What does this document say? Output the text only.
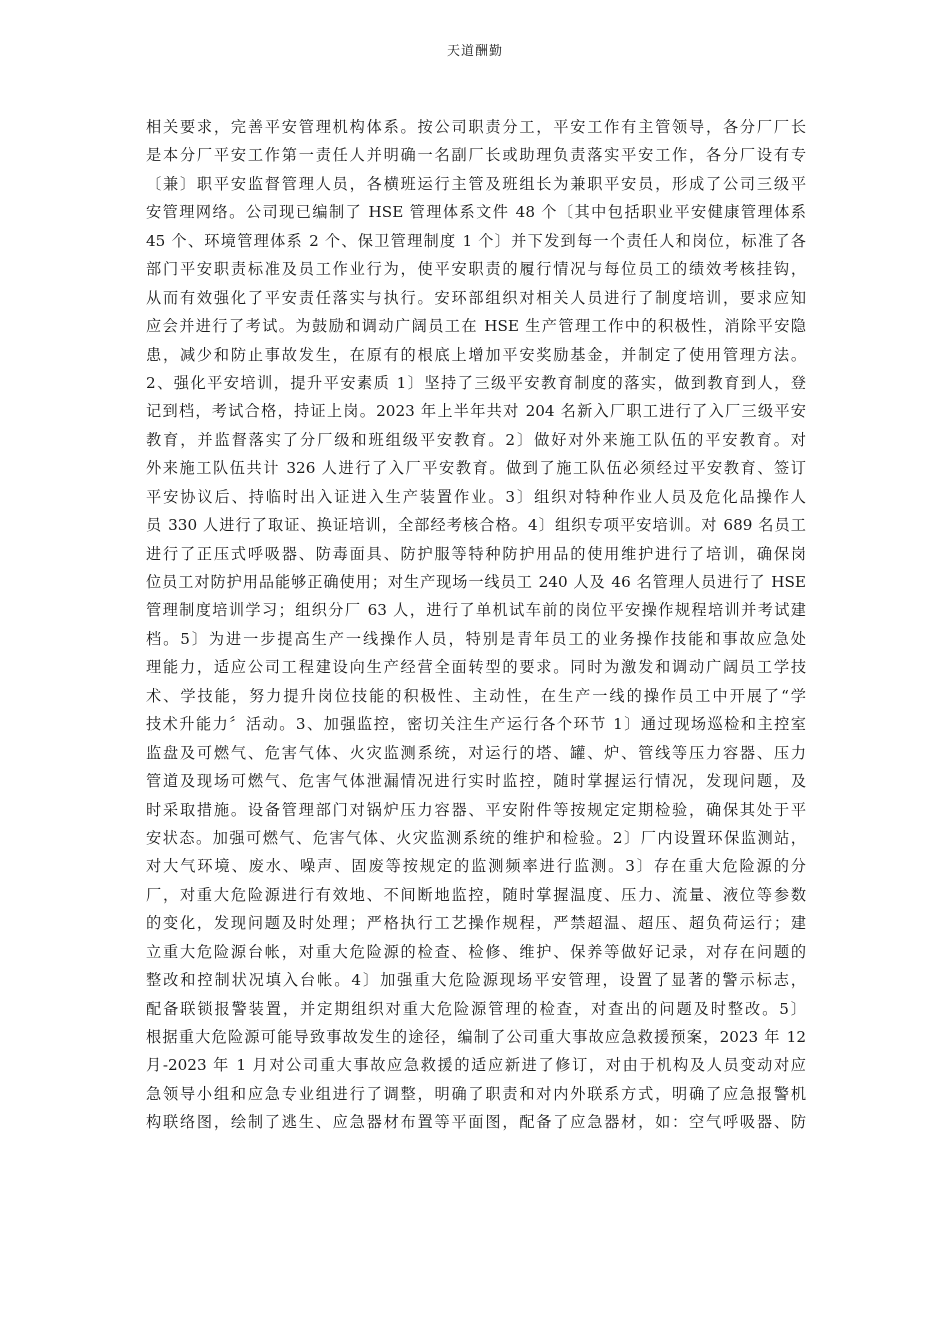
天道酬勤
相关要求，完善平安管理机构体系。按公司职责分工，平安工作有主管领导，各分厂厂长
是本分厂平安工作第一责任人并明确一名副厂长或助理负责落实平安工作，各分厂设有专
〔兼〕职平安监督管理人员，各横班运行主管及班组长为兼职平安员，形成了公司三级平
安管理网络。公司现已编制了 HSE 管理体系文件 48 个〔其中包括职业平安健康管理体系
45 个、环境管理体系 2 个、保卫管理制度 1 个〕并下发到每一个责任人和岗位，标准了各
部门平安职责标准及员工作业行为，使平安职责的履行情况与每位员工的绩效考核挂钩，
从而有效强化了平安责任落实与执行。安环部组织对相关人员进行了制度培训，要求应知
应会并进行了考试。为鼓励和调动广阔员工在 HSE 生产管理工作中的积极性，消除平安隐
患，减少和防止事故发生，在原有的根底上增加平安奖励基金，并制定了使用管理方法。
2、强化平安培训，提升平安素质 1〕坚持了三级平安教育制度的落实，做到教育到人，登
记到档，考试合格，持证上岗。2023 年上半年共对 204 名新入厂职工进行了入厂三级平安
教育，并监督落实了分厂级和班组级平安教育。2〕做好对外来施工队伍的平安教育。对
外来施工队伍共计 326 人进行了入厂平安教育。做到了施工队伍必须经过平安教育、签订
平安协议后、持临时出入证进入生产装置作业。3〕组织对特种作业人员及危化品操作人
员 330 人进行了取证、换证培训，全部经考核合格。4〕组织专项平安培训。对 689 名员工
进行了正压式呼吸器、防毒面具、防护服等特种防护用品的使用维护进行了培训，确保岗
位员工对防护用品能够正确使用；对生产现场一线员工 240 人及 46 名管理人员进行了 HSE
管理制度培训学习；组织分厂 63 人，进行了单机试车前的岗位平安操作规程培训并考试建
档。5〕为进一步提高生产一线操作人员，特别是青年员工的业务操作技能和事故应急处
理能力，适应公司工程建设向生产经营全面转型的要求。同时为激发和调动广阔员工学技
术、学技能，努力提升岗位技能的积极性、主动性，在生产一线的操作员工中开展了“学
技术升能力〞活动。3、加强监控，密切关注生产运行各个环节 1〕通过现场巡检和主控室
监盘及可燃气、危害气体、火灾监测系统，对运行的塔、罐、炉、管线等压力容器、压力
管道及现场可燃气、危害气体泄漏情况进行实时监控，随时掌握运行情况，发现问题，及
时采取措施。设备管理部门对锅炉压力容器、平安附件等按规定定期检验，确保其处于平
安状态。加强可燃气、危害气体、火灾监测系统的维护和检验。2〕厂内设置环保监测站，
对大气环境、废水、噪声、固废等按规定的监测频率进行监测。3〕存在重大危险源的分
厂，对重大危险源进行有效地、不间断地监控，随时掌握温度、压力、流量、液位等参数
的变化，发现问题及时处理；严格执行工艺操作规程，严禁超温、超压、超负荷运行；建
立重大危险源台帐，对重大危险源的检查、检修、维护、保养等做好记录，对存在问题的
整改和控制状况填入台帐。4〕加强重大危险源现场平安管理，设置了显著的警示标志，
配备联锁报警装置，并定期组织对重大危险源管理的检查，对查出的问题及时整改。5〕
根据重大危险源可能导致事故发生的途径，编制了公司重大事故应急救援预案，2023 年 12
月-2023 年 1 月对公司重大事故应急救援的适应新进了修订，对由于机构及人员变动对应
急领导小组和应急专业组进行了调整，明确了职责和对内外联系方式，明确了应急报警机
构联络图，绘制了逃生、应急器材布置等平面图，配备了应急器材，如：空气呼吸器、防
